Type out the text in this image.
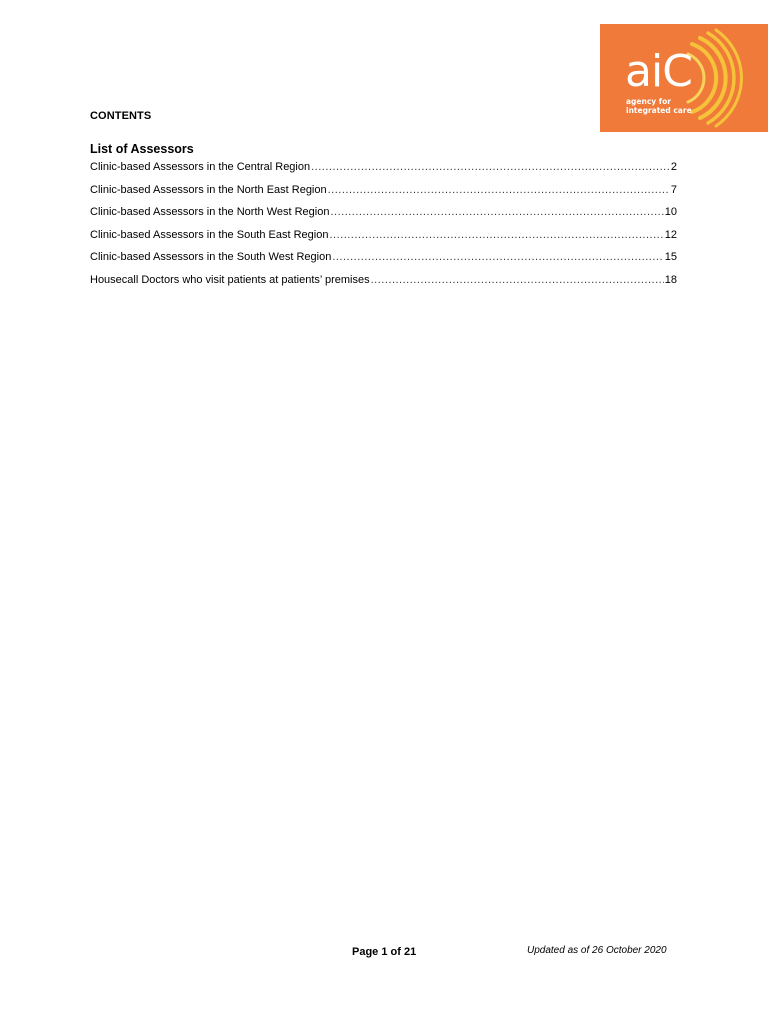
aiC
agency for
integrated care
CONTENTS
List of Assessors
Clinic-based Assessors in the Central Region .....	2
Clinic-based Assessors in the North East Region .....	7
Clinic-based Assessors in the North West Region .....	10
Clinic-based Assessors in the South East Region .....	12
Clinic-based Assessors in the South West Region .....	15
Housecall Doctors who visit patients at patients’ premises .....	18
Page 1 of 21	Updated as of 26 October 2020
